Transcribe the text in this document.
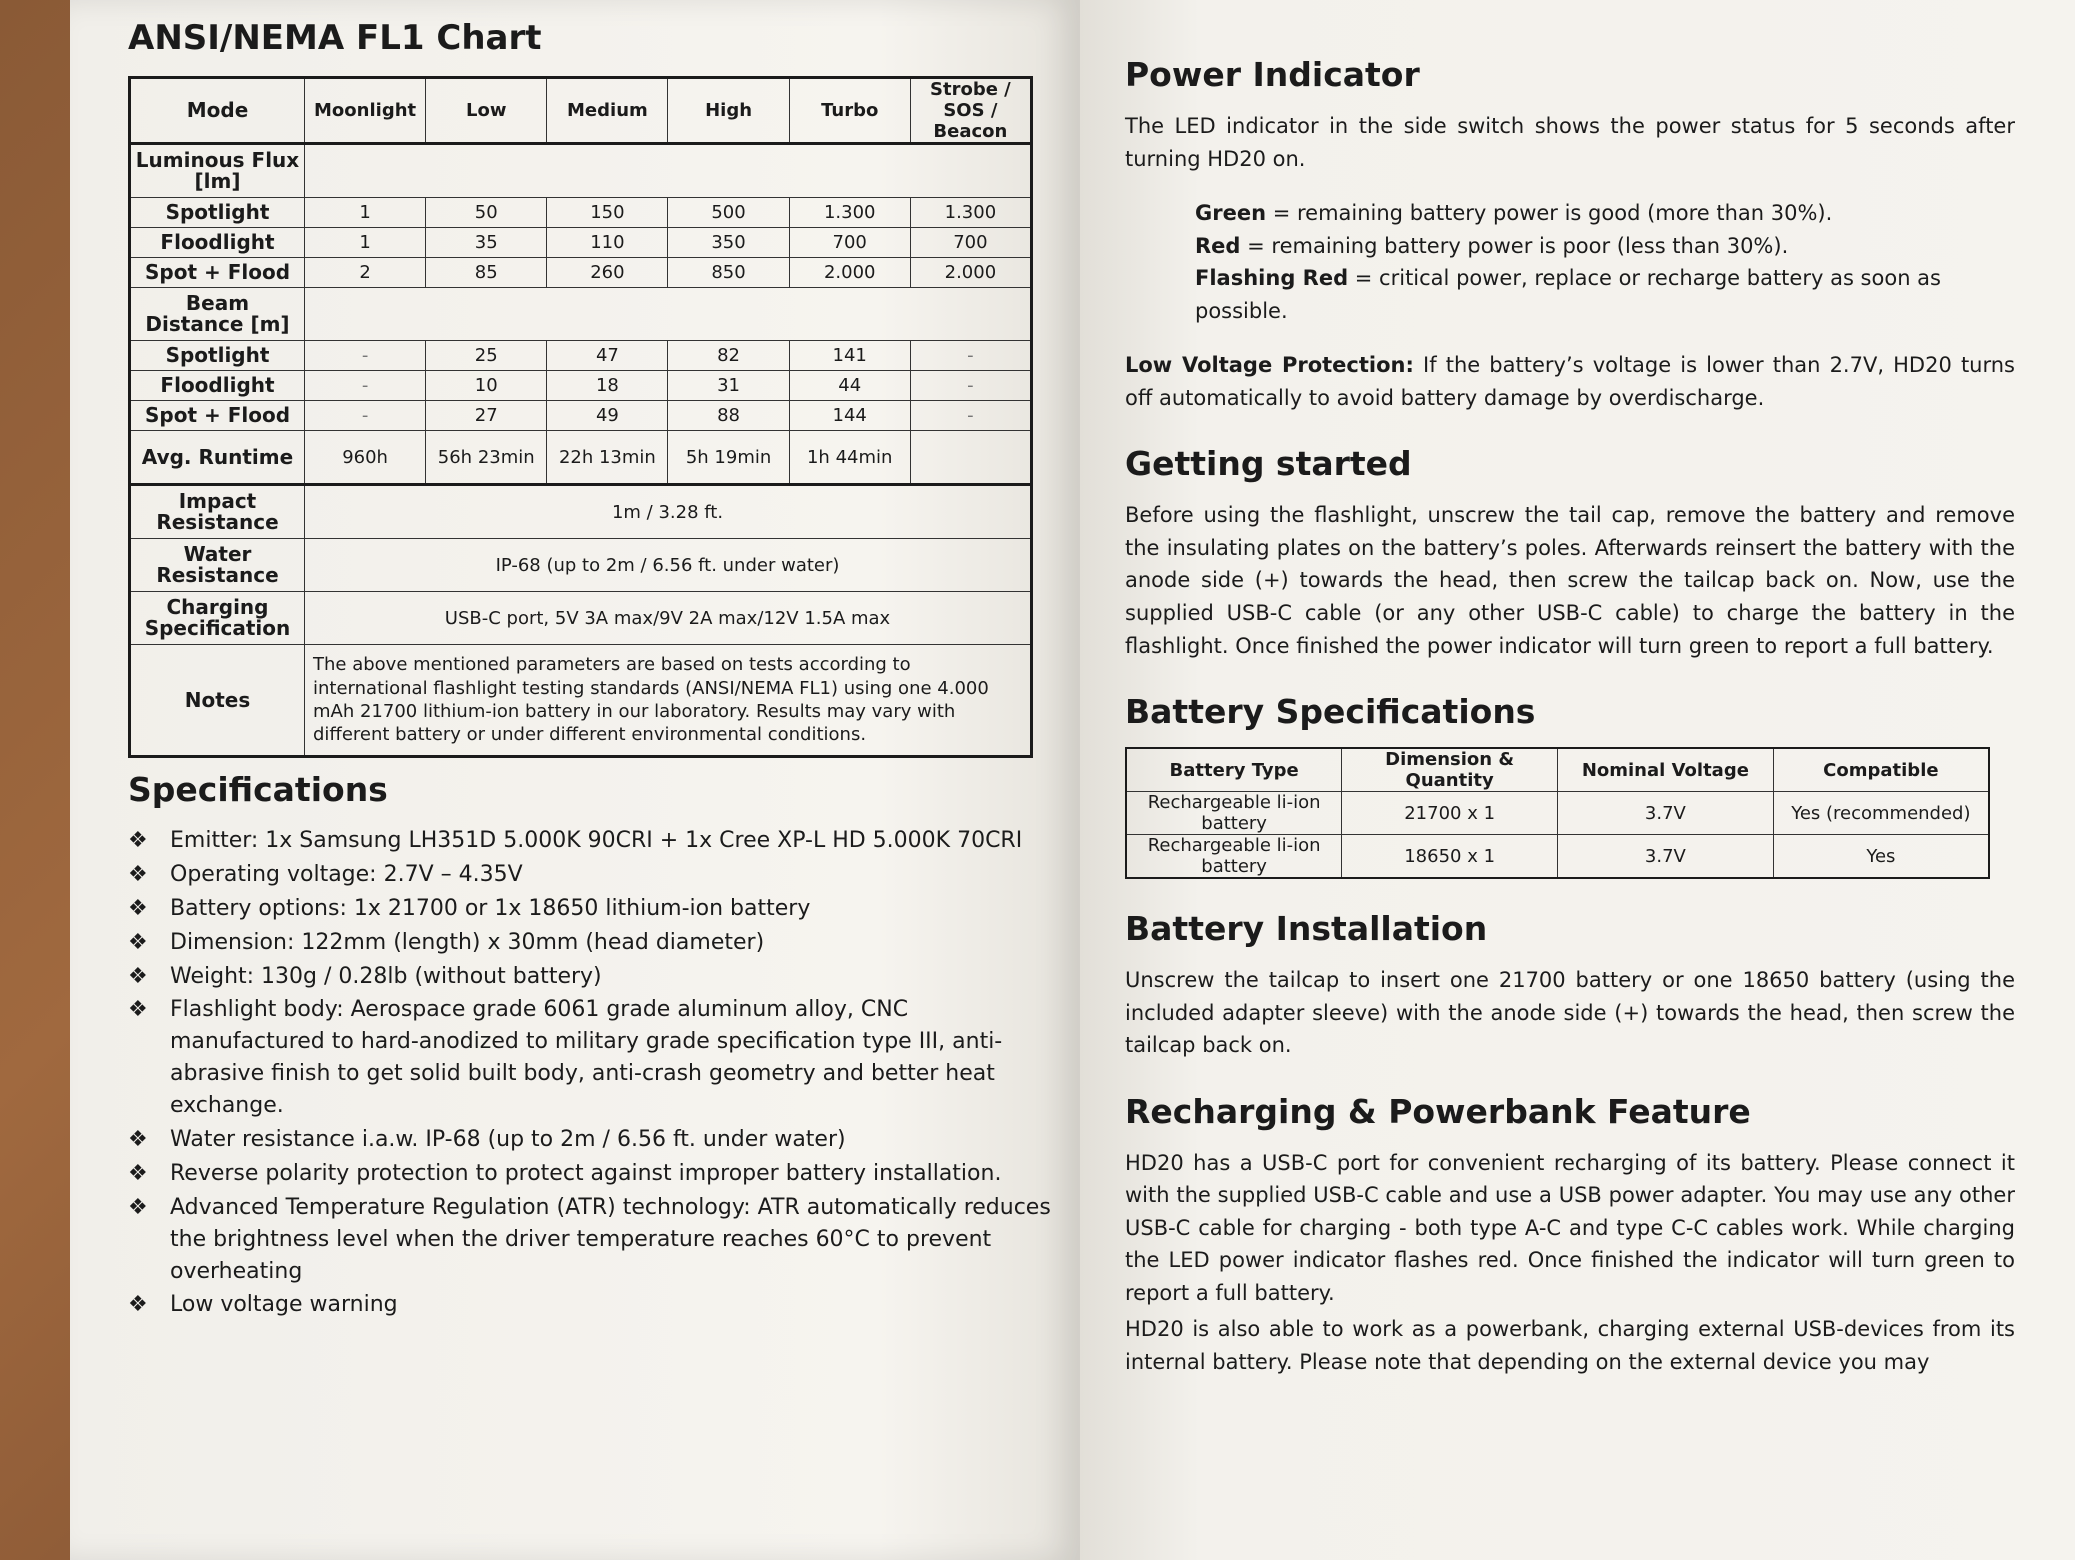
ANSI/NEMA FL1 Chart
Mode	Moonlight	Low	Medium	High	Turbo	Strobe / SOS / Beacon
Luminous Flux [lm]						
Spotlight	1	50	150	500	1.300	1.300
Floodlight	1	35	110	350	700	700
Spot + Flood	2	85	260	850	2.000	2.000
Beam Distance [m]						
Spotlight	-	25	47	82	141	-
Floodlight	-	10	18	31	44	-
Spot + Flood	-	27	49	88	144	-
Avg. Runtime	960h	56h 23min	22h 13min	5h 19min	1h 44min	
Impact Resistance	1m / 3.28 ft.					
Water Resistance	IP-68 (up to 2m / 6.56 ft. under water)					
Charging Specification	USB-C port, 5V 3A max/9V 2A max/12V 1.5A max					
Notes	The above mentioned parameters are based on tests according to international flashlight testing standards (ANSI/NEMA FL1) using one 4.000 mAh 21700 lithium-ion battery in our laboratory. Results may vary with different battery or under different environmental conditions.					
Specifications
❖	Emitter: 1x Samsung LH351D 5.000K 90CRI + 1x Cree XP-L HD 5.000K 70CRI
❖	Operating voltage: 2.7V – 4.35V
❖	Battery options: 1x 21700 or 1x 18650 lithium-ion battery
❖	Dimension: 122mm (length) x 30mm (head diameter)
❖	Weight: 130g / 0.28lb (without battery)
❖	Flashlight body: Aerospace grade 6061 grade aluminum alloy, CNC manufactured to hard-anodized to military grade specification type III, anti-abrasive finish to get solid built body, anti-crash geometry and better heat exchange.
❖	Water resistance i.a.w. IP-68 (up to 2m / 6.56 ft. under water)
❖	Reverse polarity protection to protect against improper battery installation.
❖	Advanced Temperature Regulation (ATR) technology: ATR automatically reduces the brightness level when the driver temperature reaches 60°C to prevent overheating
❖	Low voltage warning
Power Indicator

The LED indicator in the side switch shows the power status for 5 seconds after turning HD20 on.

Green = remaining battery power is good (more than 30%).
Red = remaining battery power is poor (less than 30%).
Flashing Red = critical power, replace or recharge battery as soon as possible.

Low Voltage Protection: If the battery’s voltage is lower than 2.7V, HD20 turns off automatically to avoid battery damage by overdischarge.

Getting started

Before using the flashlight, unscrew the tail cap, remove the battery and remove the insulating plates on the battery’s poles. Afterwards reinsert the battery with the anode side (+) towards the head, then screw the tailcap back on. Now, use the supplied USB-C cable (or any other USB-C cable) to charge the battery in the flashlight. Once finished the power indicator will turn green to report a full battery.

Battery Specifications
Battery Type	Dimension & Quantity	Nominal Voltage	Compatible
Rechargeable li-ion battery	21700 x 1	3.7V	Yes (recommended)
Rechargeable li-ion battery	18650 x 1	3.7V	Yes
Battery Installation

Unscrew the tailcap to insert one 21700 battery or one 18650 battery (using the included adapter sleeve) with the anode side (+) towards the head, then screw the tailcap back on.

Recharging & Powerbank Feature

HD20 has a USB-C port for convenient recharging of its battery. Please connect it with the supplied USB-C cable and use a USB power adapter. You may use any other USB-C cable for charging - both type A-C and type C-C cables work. While charging the LED power indicator flashes red. Once finished the indicator will turn green to report a full battery.

HD20 is also able to work as a powerbank, charging external USB-devices from its internal battery. Please note that depending on the external device you may
